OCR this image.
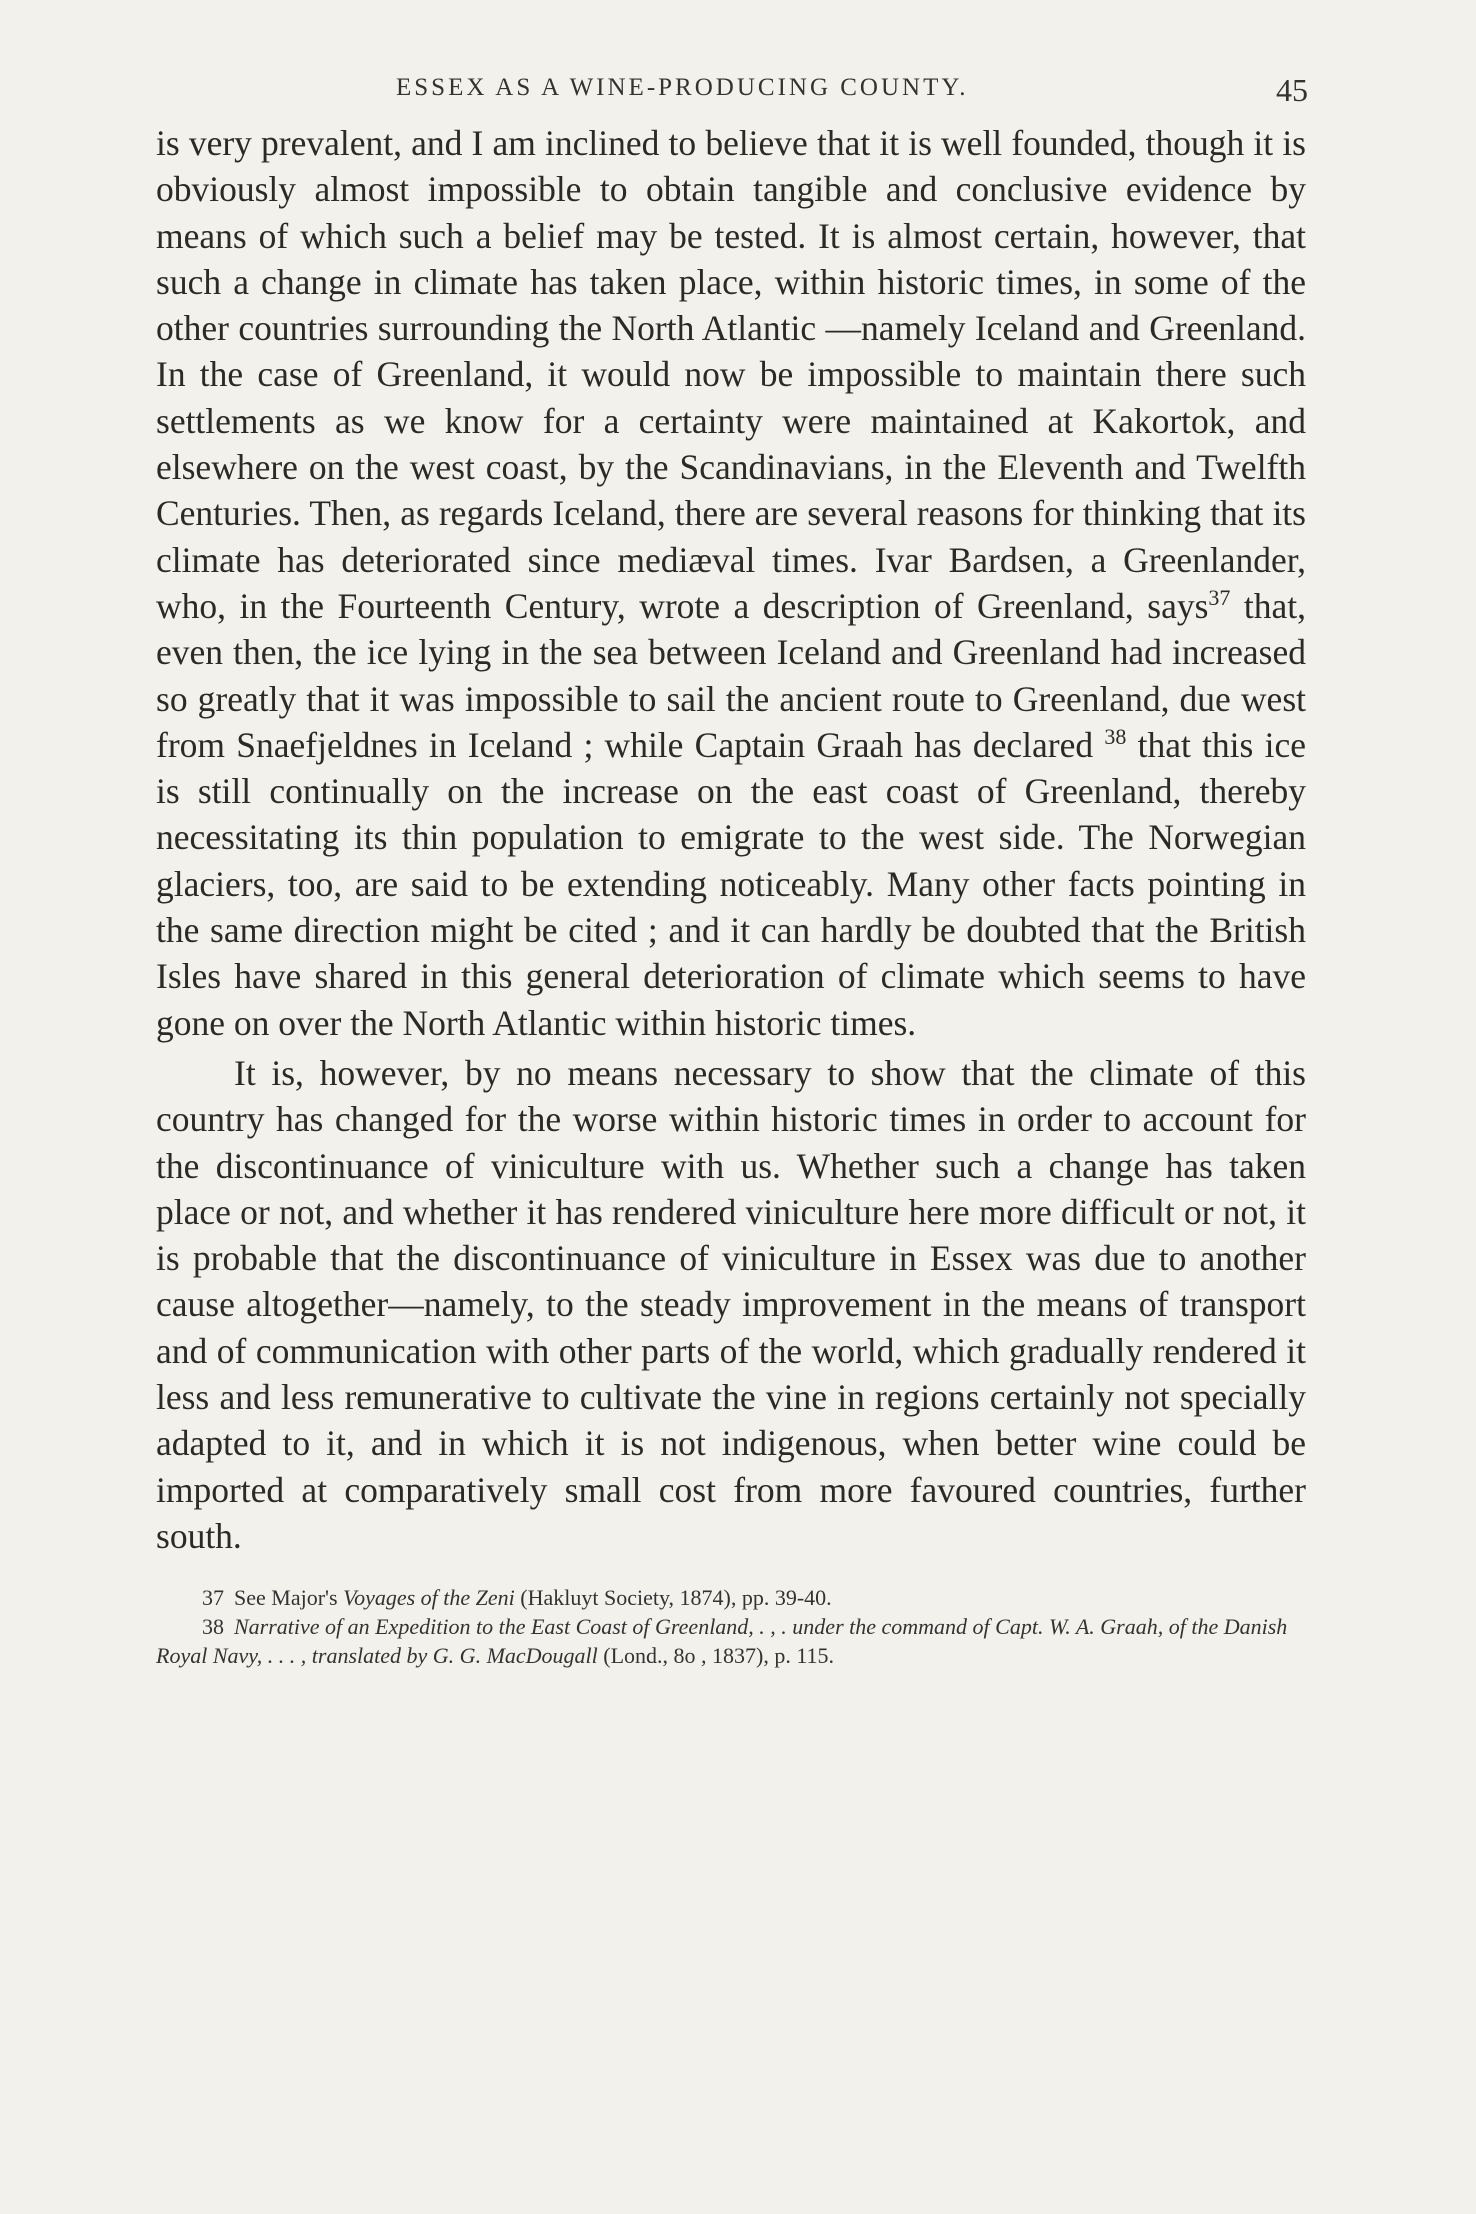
ESSEX AS A WINE-PRODUCING COUNTY.	45

is very prevalent, and I am inclined to believe that it is well founded, though it is obviously almost impossible to obtain tangible and conclusive evidence by means of which such a belief may be tested. It is almost certain, however, that such a change in climate has taken place, within historic times, in some of the other countries surrounding the North Atlantic —namely Iceland and Greenland. In the case of Greenland, it would now be impossible to maintain there such settlements as we know for a certainty were maintained at Kakortok, and elsewhere on the west coast, by the Scandinavians, in the Eleventh and Twelfth Centuries. Then, as regards Iceland, there are several reasons for thinking that its climate has deteriorated since mediæval times. Ivar Bardsen, a Greenlander, who, in the Fourteenth Century, wrote a description of Greenland, says$^{37}$ that, even then, the ice lying in the sea between Iceland and Greenland had increased so greatly that it was impossible to sail the ancient route to Greenland, due west from Snaefjeldnes in Iceland ; while Captain Graah has declared $^{38}$ that this ice is still continually on the increase on the east coast of Greenland, thereby necessitating its thin population to emigrate to the west side. The Norwegian glaciers, too, are said to be extending noticeably. Many other facts pointing in the same direction might be cited ; and it can hardly be doubted that the British Isles have shared in this general deterioration of climate which seems to have gone on over the North Atlantic within historic times.

It is, however, by no means necessary to show that the climate of this country has changed for the worse within historic times in order to account for the discontinuance of viniculture with us. Whether such a change has taken place or not, and whether it has rendered viniculture here more difficult or not, it is probable that the discontinuance of viniculture in Essex was due to another cause altogether—namely, to the steady improvement in the means of transport and of communication with other parts of the world, which gradually rendered it less and less remunerative to cultivate the vine in regions certainly not specially adapted to it, and in which it is not indigenous, when better wine could be imported at comparatively small cost from more favoured countries, further south.

37 See Major's Voyages of the Zeni (Hakluyt Society, 1874), pp. 39-40.

38 Narrative of an Expedition to the East Coast of Greenland, . , . under the command of Capt. W. A. Graah, of the Danish Royal Navy, . . . , translated by G. G. MacDougall (Lond., 8o , 1837), p. 115.
